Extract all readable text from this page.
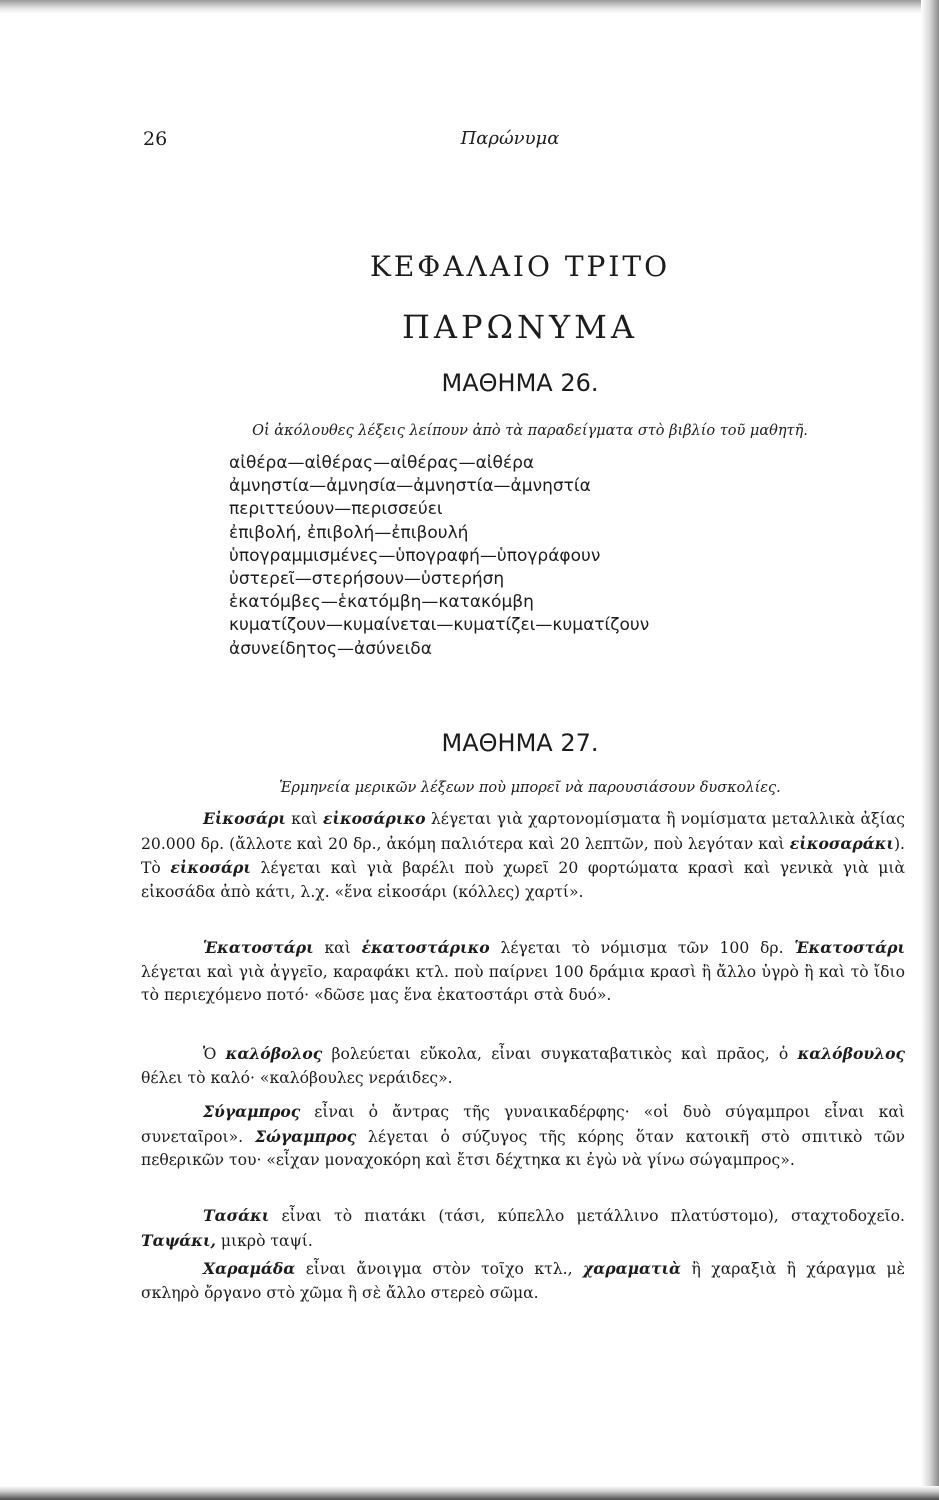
26	Παρώνυμα
ΚΕΦΑΛΑΙΟ ΤΡΙΤΟ
ΠΑΡΩΝΥΜΑ
ΜΑΘΗΜΑ 26.
Οἱ ἀκόλουθες λέξεις λείπουν ἀπὸ τὰ παραδείγματα στὸ βιβλίο τοῦ μαθητῆ.
αἰθέρα—αἰθέρας—αἰθέρας—αἰθέρα
ἀμνηστία—ἀμνησία—ἀμνηστία—ἀμνηστία
περιττεύουν—περισσεύει
ἐπιβολή, ἐπιβολή—ἐπιβουλή
ὑπογραμμισμένες—ὑπογραφή—ὑπογράφουν
ὑστερεῖ—στερήσουν—ὑστερήση
ἑκατόμβες—ἑκατόμβη—κατακόμβη
κυματίζουν—κυμαίνεται—κυματίζει—κυματίζουν
ἀσυνείδητος—ἀσύνειδα
ΜΑΘΗΜΑ 27.
Ἑρμηνεία μερικῶν λέξεων ποὺ μπορεῖ νὰ παρουσιάσουν δυσκολίες.
Εἰκοσάρι καὶ εἰκοσάρικο λέγεται γιὰ χαρτονομίσματα ἢ νομίσματα μεταλλικὰ ἀξίας 20.000 δρ. (ἄλλοτε καὶ 20 δρ., ἀκόμη παλιότερα καὶ 20 λεπτῶν, ποὺ λεγόταν καὶ εἰκοσαράκι). Τὸ εἰκοσάρι λέγεται καὶ γιὰ βαρέλι ποὺ χωρεῖ 20 φορτώματα κρασὶ καὶ γενικὰ γιὰ μιὰ εἰκοσάδα ἀπὸ κάτι, λ.χ. «ἕνα εἰκοσάρι (κόλλες) χαρτί».
Ἑκατοστάρι καὶ ἑκατοστάρικο λέγεται τὸ νόμισμα τῶν 100 δρ. Ἑκατοστάρι λέγεται καὶ γιὰ ἀγγεῖο, καραφάκι κτλ. ποὺ παίρνει 100 δράμια κρασὶ ἢ ἄλλο ὑγρὸ ἢ καὶ τὸ ἴδιο τὸ περιεχόμενο ποτό· «δῶσε μας ἕνα ἑκατοστάρι στὰ δυό».
Ὁ καλόβολος βολεύεται εὔκολα, εἶναι συγκαταβατικὸς καὶ πρᾶος, ὁ καλόβουλος θέλει τὸ καλό· «καλόβουλες νεράιδες».
Σύγαμπρος εἶναι ὁ ἄντρας τῆς γυναικαδέρφης· «οἱ δυὸ σύγαμπροι εἶναι καὶ συνεταῖροι». Σώγαμπρος λέγεται ὁ σύζυγος τῆς κόρης ὅταν κατοικῆ στὸ σπιτικὸ τῶν πεθερικῶν του· «εἶχαν μοναχοκόρη καὶ ἔτσι δέχτηκα κι ἐγὼ νὰ γίνω σώγαμπρος».
Τασάκι εἶναι τὸ πιατάκι (τάσι, κύπελλο μετάλλινο πλατύστομο), σταχτοδοχεῖο. Ταψάκι, μικρὸ ταψί.
Χαραμάδα εἶναι ἄνοιγμα στὸν τοῖχο κτλ., χαραματιὰ ἢ χαραξιὰ ἢ χάραγμα μὲ σκληρὸ ὄργανο στὸ χῶμα ἢ σὲ ἄλλο στερεὸ σῶμα.
